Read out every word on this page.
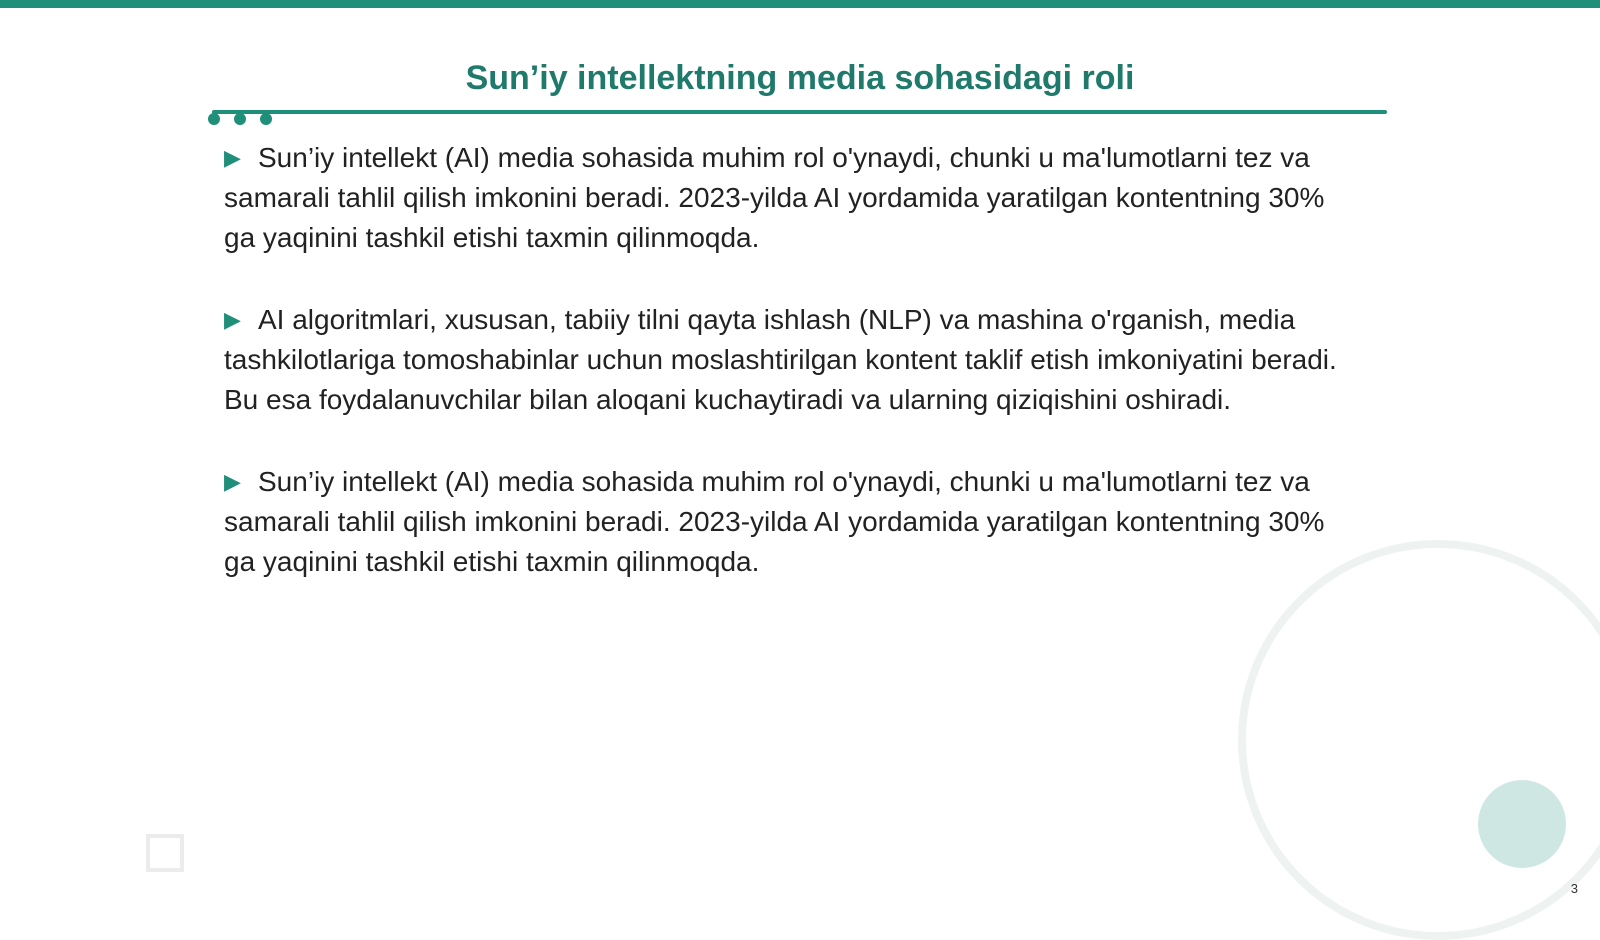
Sun’iy intellektning media sohasidagi roli

▶ Sun’iy intellekt (AI) media sohasida muhim rol o'ynaydi, chunki u ma'lumotlarni tez va samarali tahlil qilish imkonini beradi. 2023-yilda AI yordamida yaratilgan kontentning 30% ga yaqinini tashkil etishi taxmin qilinmoqda.

▶ AI algoritmlari, xususan, tabiiy tilni qayta ishlash (NLP) va mashina o'rganish, media tashkilotlariga tomoshabinlar uchun moslashtirilgan kontent taklif etish imkoniyatini beradi. Bu esa foydalanuvchilar bilan aloqani kuchaytiradi va ularning qiziqishini oshiradi.

▶ Sun’iy intellekt (AI) media sohasida muhim rol o'ynaydi, chunki u ma'lumotlarni tez va samarali tahlil qilish imkonini beradi. 2023-yilda AI yordamida yaratilgan kontentning 30% ga yaqinini tashkil etishi taxmin qilinmoqda.

3
